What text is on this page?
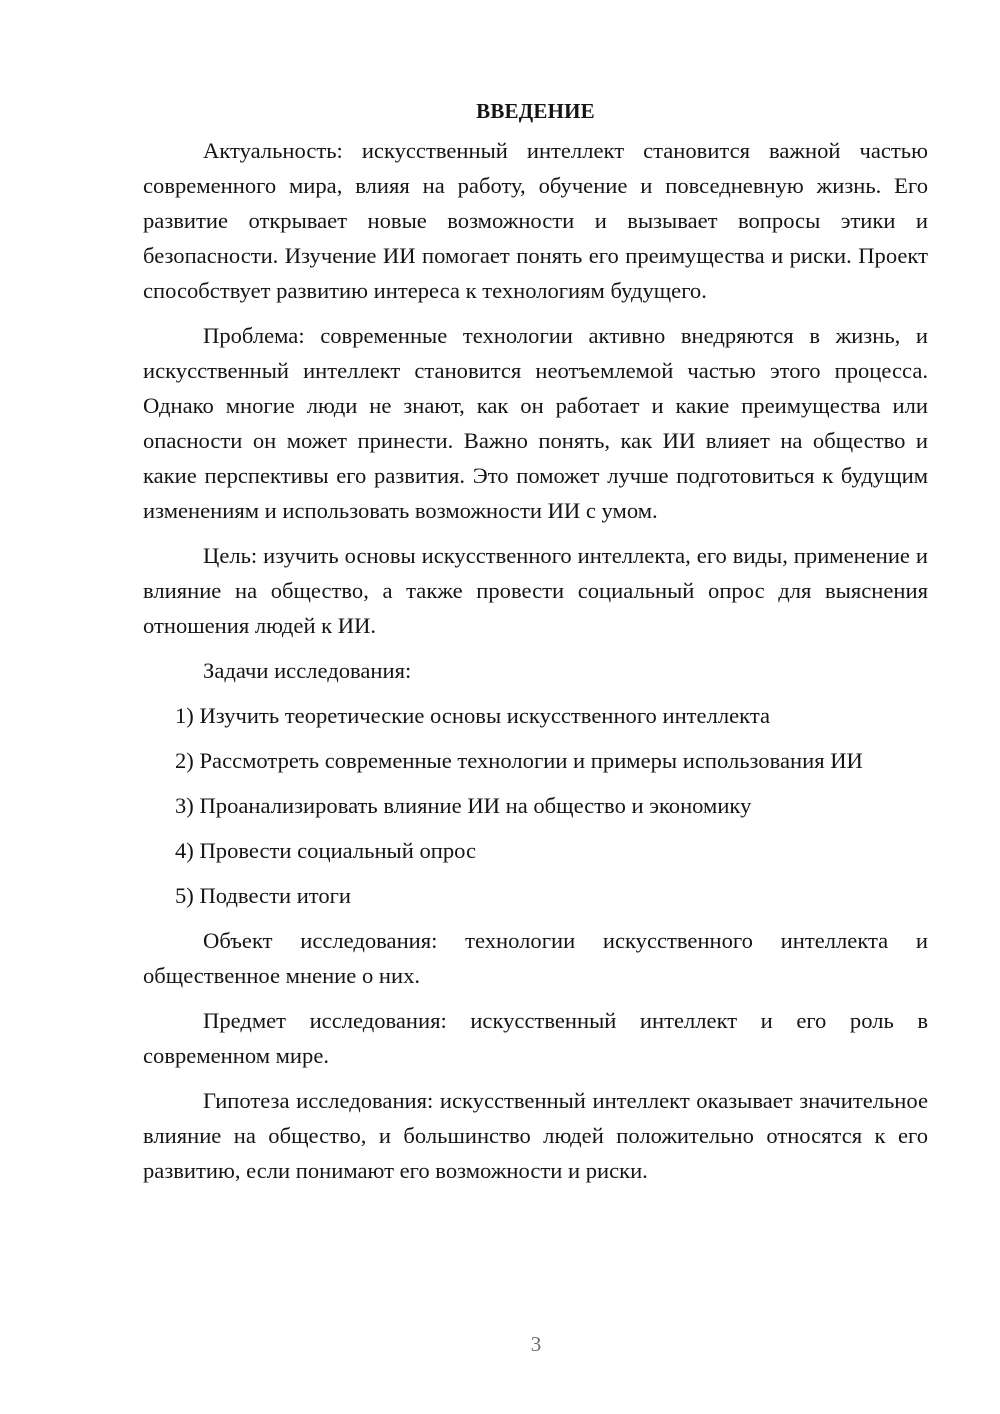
ВВЕДЕНИЕ

Актуальность: искусственный интеллект становится важной частью современного мира, влияя на работу, обучение и повседневную жизнь. Его развитие открывает новые возможности и вызывает вопросы этики и безопасности. Изучение ИИ помогает понять его преимущества и риски. Проект способствует развитию интереса к технологиям будущего.

Проблема: современные технологии активно внедряются в жизнь, и искусственный интеллект становится неотъемлемой частью этого процесса. Однако многие люди не знают, как он работает и какие преимущества или опасности он может принести. Важно понять, как ИИ влияет на общество и какие перспективы его развития. Это поможет лучше подготовиться к будущим изменениям и использовать возможности ИИ с умом.

Цель: изучить основы искусственного интеллекта, его виды, применение и влияние на общество, а также провести социальный опрос для выяснения отношения людей к ИИ.

Задачи исследования:

1) Изучить теоретические основы искусственного интеллекта

2) Рассмотреть современные технологии и примеры использования ИИ

3) Проанализировать влияние ИИ на общество и экономику

4) Провести социальный опрос

5) Подвести итоги

Объект исследования: технологии искусственного интеллекта и общественное мнение о них.

Предмет исследования: искусственный интеллект и его роль в современном мире.

Гипотеза исследования: искусственный интеллект оказывает значительное влияние на общество, и большинство людей положительно относятся к его развитию, если понимают его возможности и риски.

3
